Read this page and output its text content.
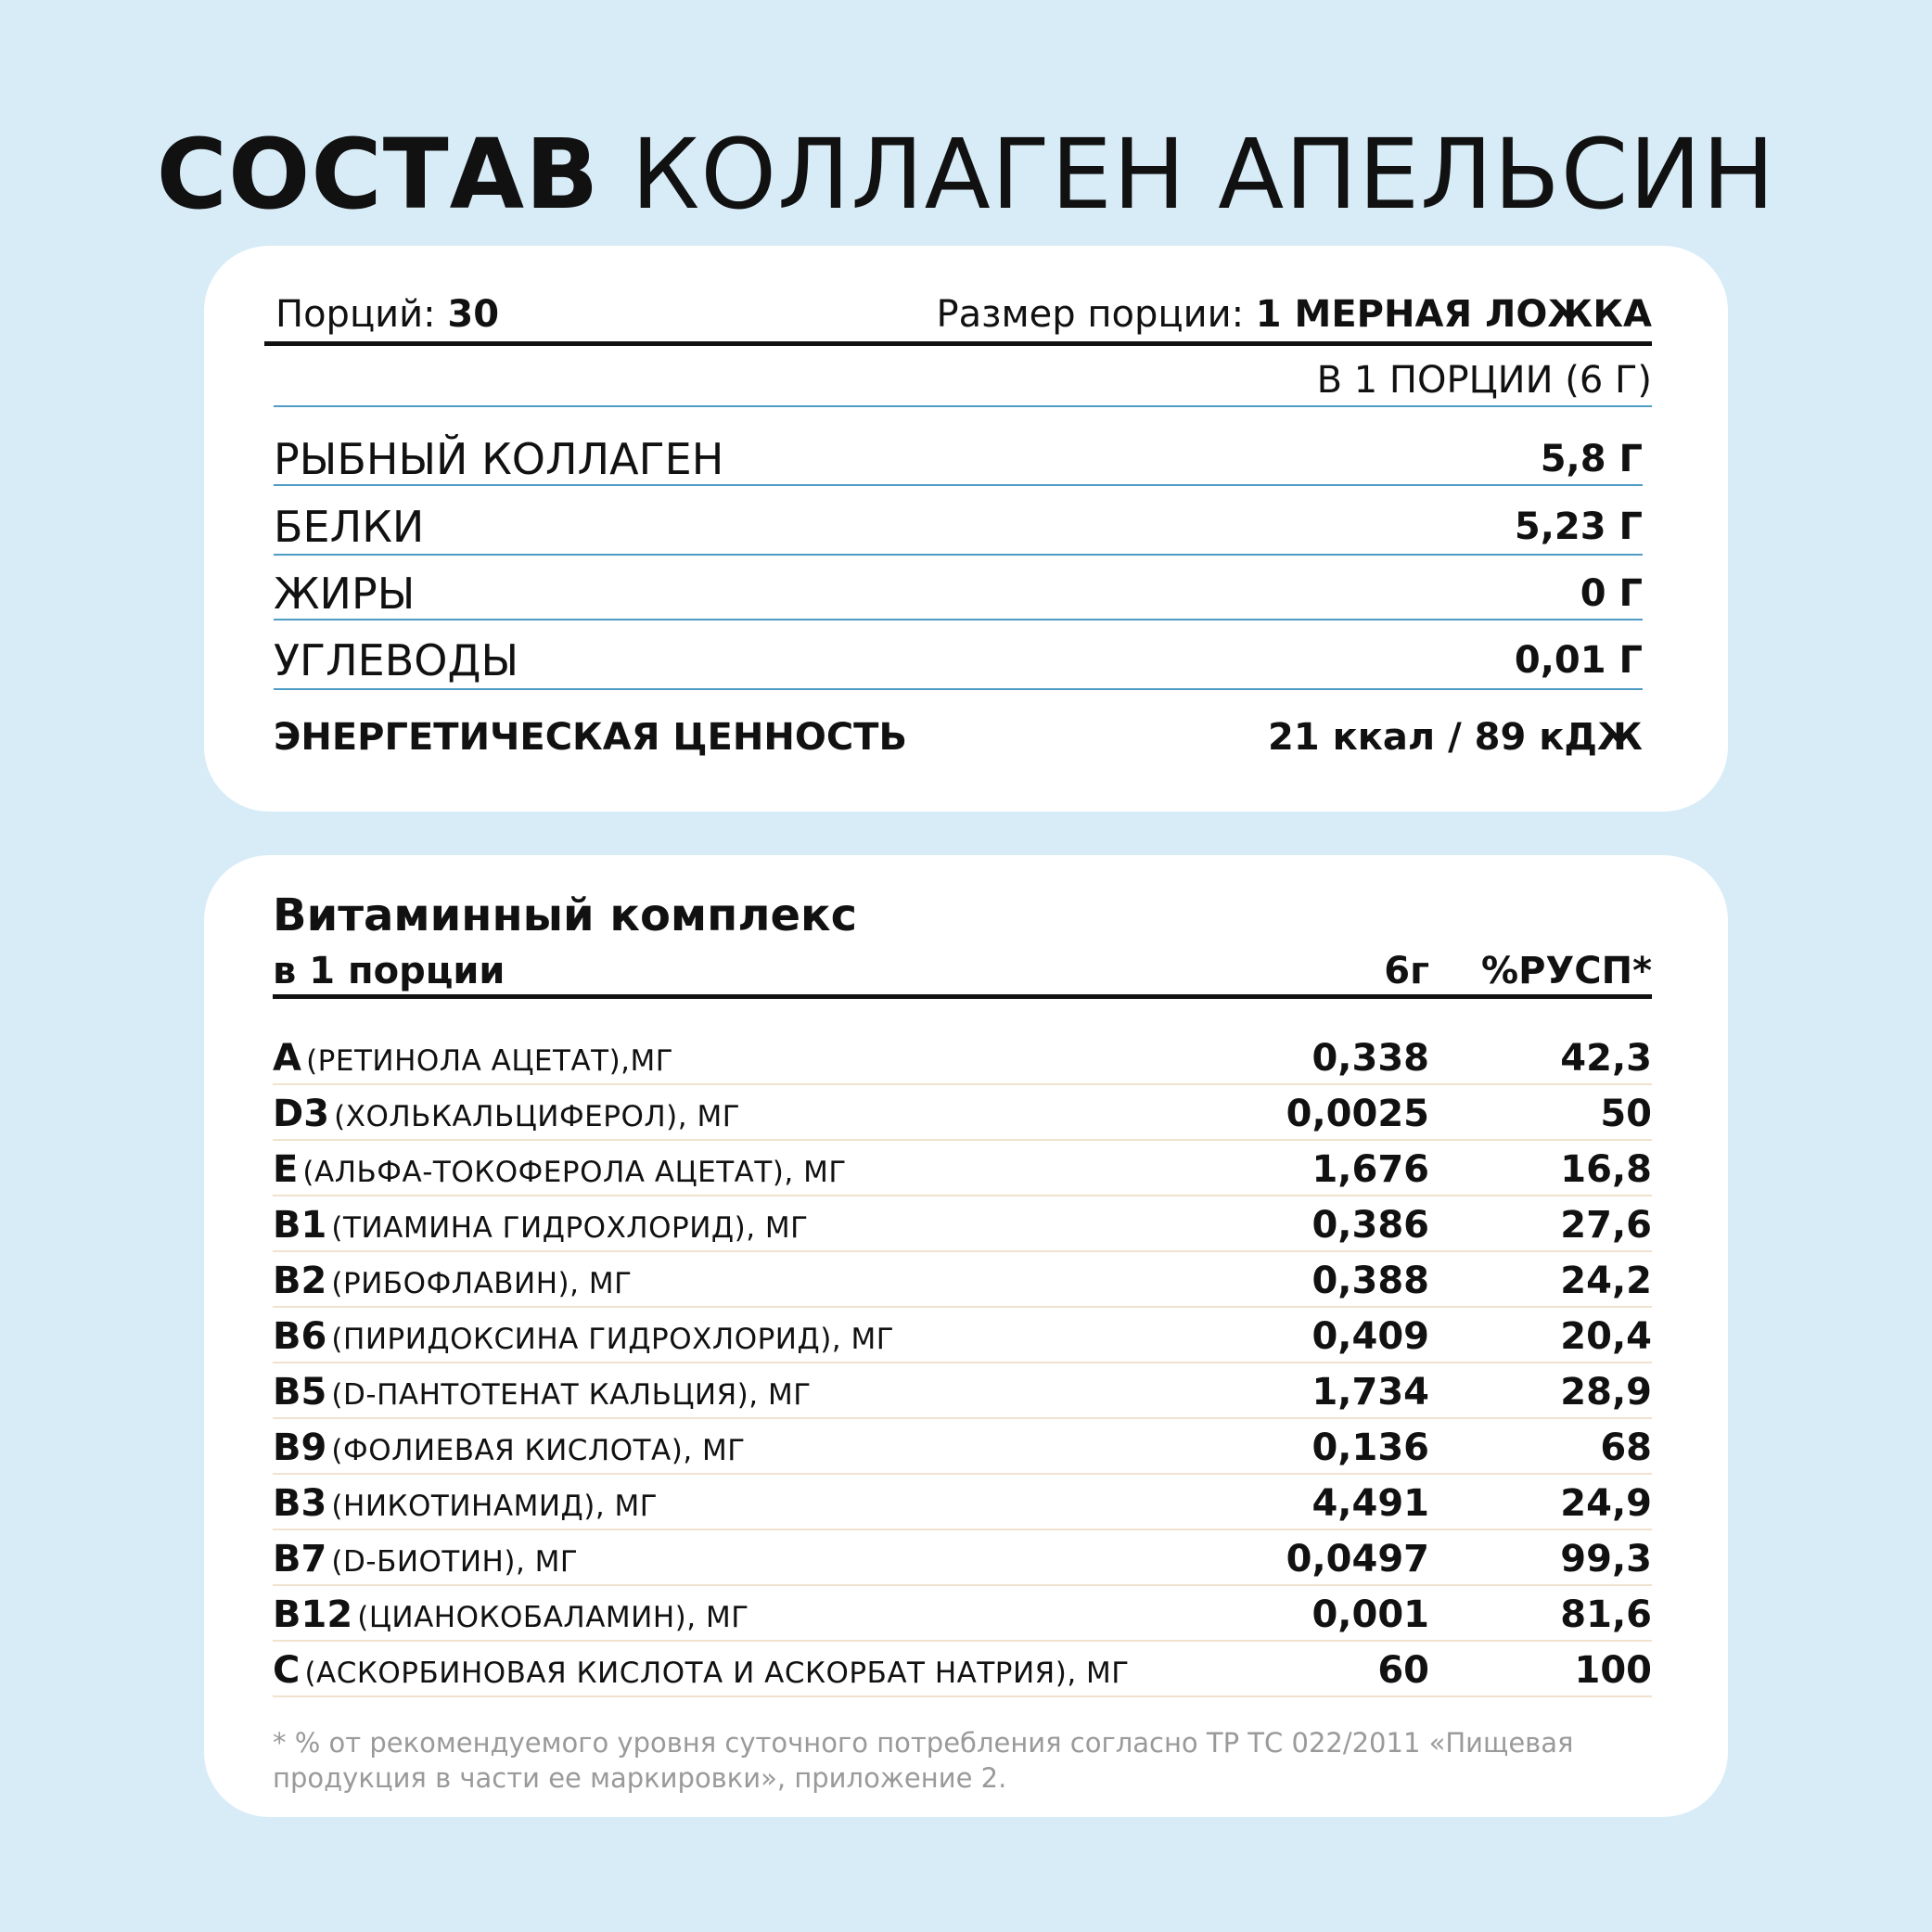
СОСТАВ КОЛЛАГЕН АПЕЛЬСИН
Порций: 30	Размер порции: 1 МЕРНАЯ ЛОЖКА
В 1 ПОРЦИИ (6 Г)
РЫБНЫЙ КОЛЛАГЕН	5,8 Г
БЕЛКИ	5,23 Г
ЖИРЫ	0 Г
УГЛЕВОДЫ	0,01 Г
ЭНЕРГЕТИЧЕСКАЯ ЦЕННОСТЬ	21 ккал / 89 кДЖ
Витаминный комплекс
в 1 порции	6г %РУСП*
A (РЕТИНОЛА АЦЕТАТ),МГ	0,338	42,3
D3 (ХОЛЬКАЛЬЦИФЕРОЛ), МГ	0,0025	50
E (АЛЬФА-ТОКОФЕРОЛА АЦЕТАТ), МГ	1,676	16,8
B1 (ТИАМИНА ГИДРОХЛОРИД), МГ	0,386	27,6
B2 (РИБОФЛАВИН), МГ	0,388	24,2
B6 (ПИРИДОКСИНА ГИДРОХЛОРИД), МГ	0,409	20,4
B5 (D-ПАНТОТЕНАТ КАЛЬЦИЯ), МГ	1,734	28,9
B9 (ФОЛИЕВАЯ КИСЛОТА), МГ	0,136	68
B3 (НИКОТИНАМИД), МГ	4,491	24,9
B7 (D-БИОТИН), МГ	0,0497	99,3
B12 (ЦИАНОКОБАЛАМИН), МГ	0,001	81,6
C (АСКОРБИНОВАЯ КИСЛОТА И АСКОРБАТ НАТРИЯ), МГ	60	100
* % от рекомендуемого уровня суточного потребления согласно ТР ТС 022/2011 «Пищевая продукция в части ее маркировки», приложение 2.
